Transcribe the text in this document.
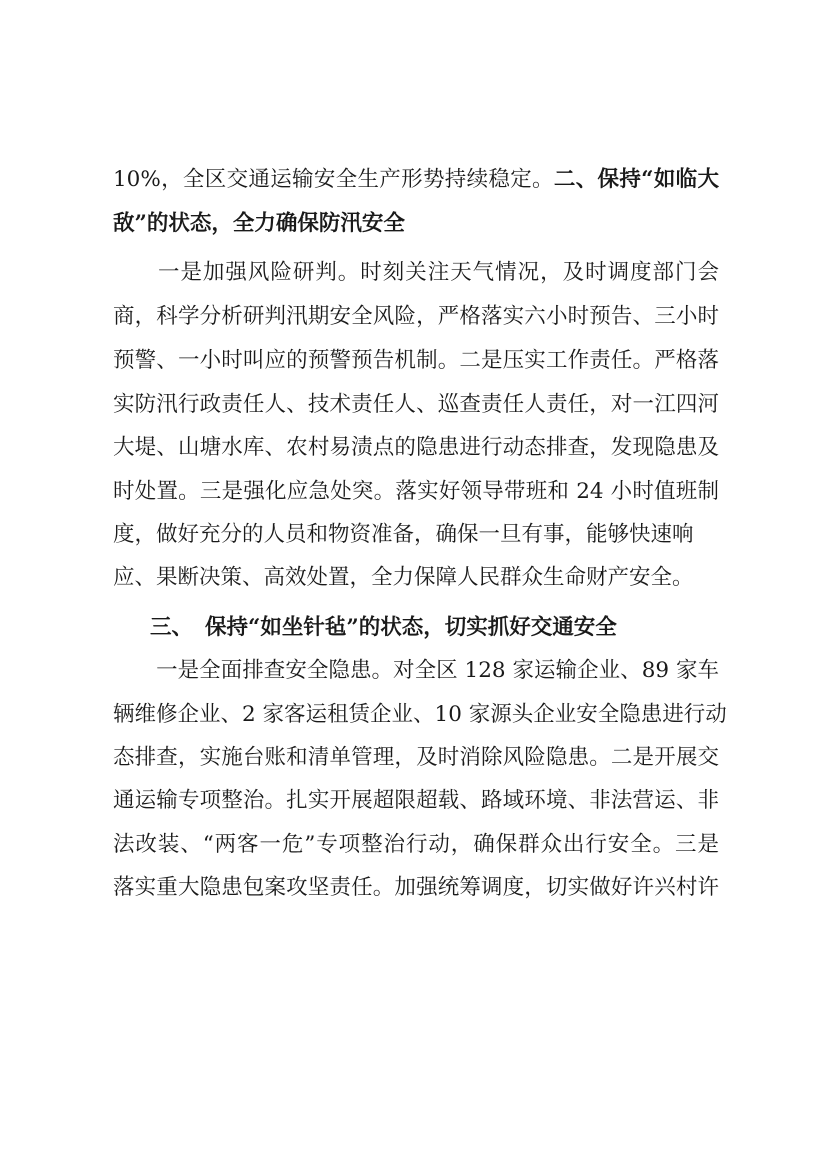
10%，全区交通运输安全生产形势持续稳定。二、保持“如临大
敌”的状态，全力确保防汛安全
　　一是加强风险研判。时刻关注天气情况，及时调度部门会
商，科学分析研判汛期安全风险，严格落实六小时预告、三小时
预警、一小时叫应的预警预告机制。二是压实工作责任。严格落
实防汛行政责任人、技术责任人、巡查责任人责任，对一江四河
大堤、山塘水库、农村易渍点的隐患进行动态排查，发现隐患及
时处置。三是强化应急处突。落实好领导带班和 24 小时值班制
度，做好充分的人员和物资准备，确保一旦有事，能够快速响
应、果断决策、高效处置，全力保障人民群众生命财产安全。
三、 保持“如坐针毡”的状态，切实抓好交通安全
　　一是全面排查安全隐患。对全区 128 家运输企业、89 家车
辆维修企业、2 家客运租赁企业、10 家源头企业安全隐患进行动
态排查，实施台账和清单管理，及时消除风险隐患。二是开展交
通运输专项整治。扎实开展超限超载、路域环境、非法营运、非
法改装、“两客一危”专项整治行动，确保群众出行安全。三是
落实重大隐患包案攻坚责任。加强统筹调度，切实做好许兴村许
